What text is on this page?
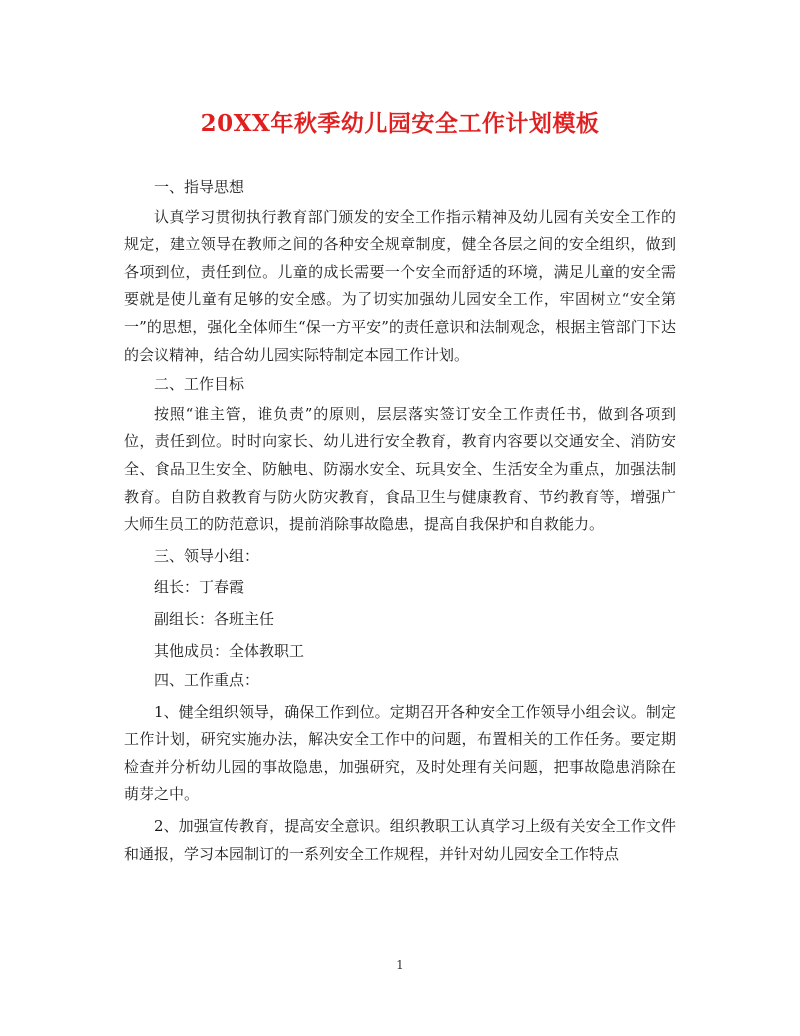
20XX年秋季幼儿园安全工作计划模板

一、指导思想

认真学习贯彻执行教育部门颁发的安全工作指示精神及幼儿园有关安全工作的规定，建立领导在教师之间的各种安全规章制度，健全各层之间的安全组织，做到各项到位，责任到位。儿童的成长需要一个安全而舒适的环境，满足儿童的安全需要就是使儿童有足够的安全感。为了切实加强幼儿园安全工作，牢固树立“安全第一”的思想，强化全体师生“保一方平安”的责任意识和法制观念，根据主管部门下达的会议精神，结合幼儿园实际特制定本园工作计划。

二、工作目标

按照“谁主管，谁负责”的原则，层层落实签订安全工作责任书，做到各项到位，责任到位。时时向家长、幼儿进行安全教育，教育内容要以交通安全、消防安全、食品卫生安全、防触电、防溺水安全、玩具安全、生活安全为重点，加强法制教育。自防自救教育与防火防灾教育，食品卫生与健康教育、节约教育等，增强广大师生员工的防范意识，提前消除事故隐患，提高自我保护和自救能力。

三、领导小组：

组长：丁春霞

副组长：各班主任

其他成员：全体教职工

四、工作重点：

1、健全组织领导，确保工作到位。定期召开各种安全工作领导小组会议。制定工作计划，研究实施办法，解决安全工作中的问题，布置相关的工作任务。要定期检查并分析幼儿园的事故隐患，加强研究，及时处理有关问题，把事故隐患消除在萌芽之中。

2、加强宣传教育，提高安全意识。组织教职工认真学习上级有关安全工作文件和通报，学习本园制订的一系列安全工作规程，并针对幼儿园安全工作特点

1
